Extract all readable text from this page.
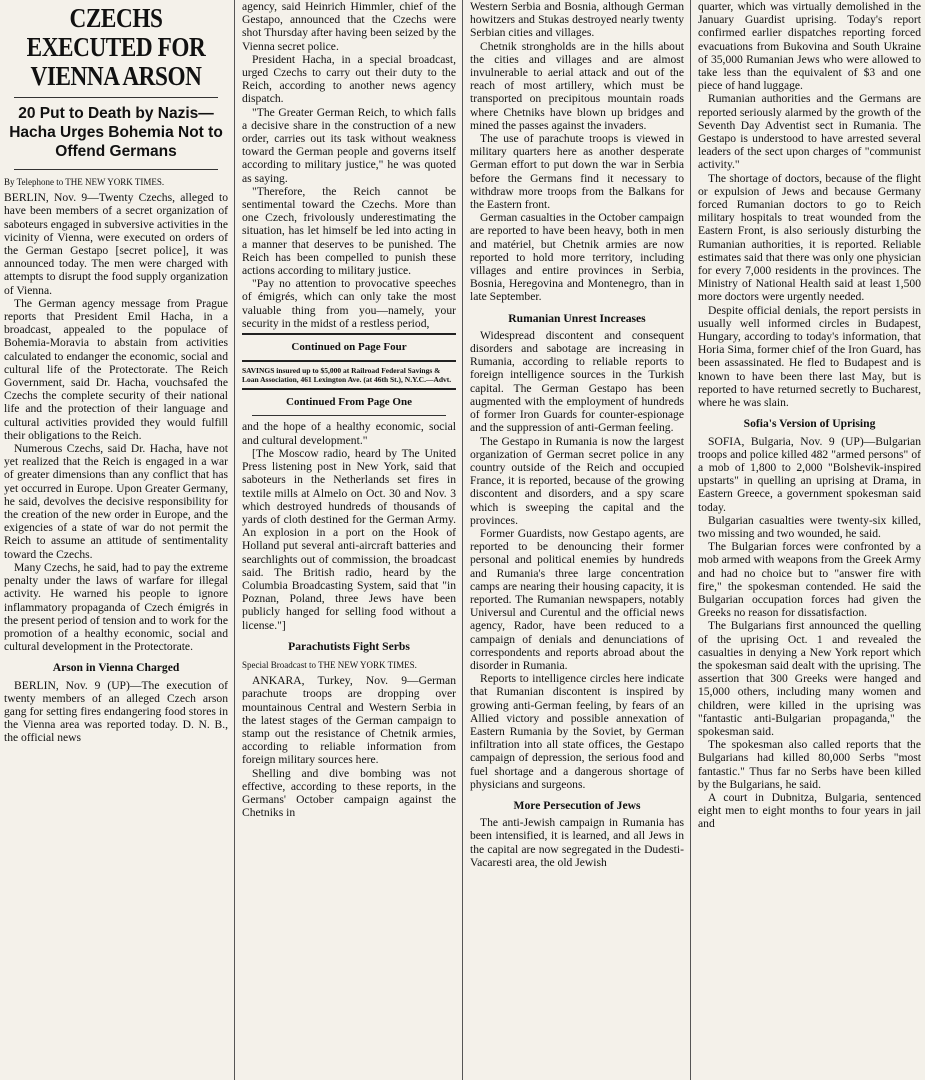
CZECHS EXECUTED FOR VIENNA ARSON
20 Put to Death by Nazis—Hacha Urges Bohemia Not to Offend Germans
By Telephone to THE NEW YORK TIMES.

BERLIN, Nov. 9—Twenty Czechs, alleged to have been members of a secret organization of saboteurs engaged in subversive activities in the vicinity of Vienna, were executed on orders of the German Gestapo [secret police], it was announced today. The men were charged with attempts to disrupt the food supply organization of Vienna.

The German agency message from Prague reports that President Emil Hacha, in a broadcast, appealed to the populace of Bohemia-Moravia to abstain from activities calculated to endanger the economic, social and cultural life of the Protectorate. The Reich Government, said Dr. Hacha, vouchsafed the Czechs the complete security of their national life and the protection of their language and cultural activities provided they would fulfill their obligations to the Reich.

Numerous Czechs, said Dr. Hacha, have not yet realized that the Reich is engaged in a war of greater dimensions than any conflict that has yet occurred in Europe. Upon Greater Germany, he said, devolves the decisive responsibility for the creation of the new order in Europe, and the exigencies of a state of war do not permit the Reich to assume an attitude of sentimentality toward the Czechs.

Many Czechs, he said, had to pay the extreme penalty under the laws of warfare for illegal activity. He warned his people to ignore inflammatory propaganda of Czech émigrés in the present period of tension and to work for the promotion of a healthy economic, social and cultural development in the Protectorate.

Arson in Vienna Charged

BERLIN, Nov. 9 (UP)—The execution of twenty members of an alleged Czech arson gang for setting fires endangering food stores in the Vienna area was reported today. D. N. B., the official news

agency, said Heinrich Himmler, chief of the Gestapo, announced that the Czechs were shot Thursday after having been seized by the Vienna secret police.

President Hacha, in a special broadcast, urged Czechs to carry out their duty to the Reich, according to another news agency dispatch.

"The Greater German Reich, to which falls a decisive share in the construction of a new order, carries out its task without weakness toward the German people and governs itself according to military justice," he was quoted as saying.

"Therefore, the Reich cannot be sentimental toward the Czechs. More than one Czech, frivolously underestimating the situation, has let himself be led into acting in a manner that deserves to be punished. The Reich has been compelled to punish these actions according to military justice.

"Pay no attention to provocative speeches of émigrés, which can only take the most valuable thing from you—namely, your security in the midst of a restless period,

Continued on Page Four
SAVINGS insured up to $5,000 at Railroad Federal Savings & Loan Association, 461 Lexington Ave. (at 46th St.), N.Y.C.—Advt.
Continued From Page One

and the hope of a healthy economic, social and cultural development."

[The Moscow radio, heard by The United Press listening post in New York, said that saboteurs in the Netherlands set fires in textile mills at Almelo on Oct. 30 and Nov. 3 which destroyed hundreds of thousands of yards of cloth destined for the German Army. An explosion in a port on the Hook of Holland put several anti-aircraft batteries and searchlights out of commission, the broadcast said. The British radio, heard by the Columbia Broadcasting System, said that "in Poznan, Poland, three Jews have been publicly hanged for selling food without a license."]

Parachutists Fight Serbs
Special Broadcast to THE NEW YORK TIMES.

ANKARA, Turkey, Nov. 9—German parachute troops are dropping over mountainous Central and Western Serbia in the latest stages of the German campaign to stamp out the resistance of Chetnik armies, according to reliable information from foreign military sources here.

Shelling and dive bombing was not effective, according to these reports, in the Germans' October campaign against the Chetniks in

Western Serbia and Bosnia, although German howitzers and Stukas destroyed nearly twenty Serbian cities and villages.

Chetnik strongholds are in the hills about the cities and villages and are almost invulnerable to aerial attack and out of the reach of most artillery, which must be transported on precipitous mountain roads where Chetniks have blown up bridges and mined the passes against the invaders.

The use of parachute troops is viewed in military quarters here as another desperate German effort to put down the war in Serbia before the Germans find it necessary to withdraw more troops from the Balkans for the Eastern front.

German casualties in the October campaign are reported to have been heavy, both in men and matériel, but Chetnik armies are now reported to hold more territory, including villages and entire provinces in Serbia, Bosnia, Heregovina and Montenegro, than in late September.

Rumanian Unrest Increases

Widespread discontent and consequent disorders and sabotage are increasing in Rumania, according to reliable reports to foreign intelligence sources in the Turkish capital. The German Gestapo has been augmented with the employment of hundreds of former Iron Guards for counter-espionage and the suppression of anti-German feeling.

The Gestapo in Rumania is now the largest organization of German secret police in any country outside of the Reich and occupied France, it is reported, because of the growing discontent and disorders, and a spy scare which is sweeping the capital and the provinces.

Former Guardists, now Gestapo agents, are reported to be denouncing their former personal and political enemies by hundreds and Rumania's three large concentration camps are nearing their housing capacity, it is reported. The Rumanian newspapers, notably Universul and Curentul and the official news agency, Rador, have been reduced to a campaign of denials and denunciations of correspondents and reports abroad about the disorder in Rumania.

Reports to intelligence circles here indicate that Rumanian discontent is inspired by growing anti-German feeling, by fears of an Allied victory and possible annexation of Eastern Rumania by the Soviet, by German infiltration into all state offices, the Gestapo campaign of depression, the serious food and fuel shortage and a dangerous shortage of physicians and surgeons.

More Persecution of Jews

The anti-Jewish campaign in Rumania has been intensified, it is learned, and all Jews in the capital are now segregated in the Dudesti-Vacaresti area, the old Jewish

quarter, which was virtually demolished in the January Guardist uprising. Today's report confirmed earlier dispatches reporting forced evacuations from Bukovina and South Ukraine of 35,000 Rumanian Jews who were allowed to take less than the equivalent of $3 and one piece of hand luggage.

Rumanian authorities and the Germans are reported seriously alarmed by the growth of the Seventh Day Adventist sect in Rumania. The Gestapo is understood to have arrested several leaders of the sect upon charges of "communist activity."

The shortage of doctors, because of the flight or expulsion of Jews and because Germany forced Rumanian doctors to go to Reich military hospitals to treat wounded from the Eastern Front, is also seriously disturbing the Rumanian authorities, it is reported. Reliable estimates said that there was only one physician for every 7,000 residents in the provinces. The Ministry of National Health said at least 1,500 more doctors were urgently needed.

Despite official denials, the report persists in usually well informed circles in Budapest, Hungary, according to today's information, that Horia Sima, former chief of the Iron Guard, has been assassinated. He fled to Budapest and is known to have been there last May, but is reported to have returned secretly to Bucharest, where he was slain.

Sofia's Version of Uprising

SOFIA, Bulgaria, Nov. 9 (UP)—Bulgarian troops and police killed 482 "armed persons" of a mob of 1,800 to 2,000 "Bolshevik-inspired upstarts" in quelling an uprising at Drama, in Eastern Greece, a government spokesman said today.

Bulgarian casualties were twenty-six killed, two missing and two wounded, he said.

The Bulgarian forces were confronted by a mob armed with weapons from the Greek Army and had no choice but to "answer fire with fire," the spokesman contended. He said the Bulgarian occupation forces had given the Greeks no reason for dissatisfaction.

The Bulgarians first announced the quelling of the uprising Oct. 1 and revealed the casualties in denying a New York report which the spokesman said dealt with the uprising. The assertion that 300 Greeks were hanged and 15,000 others, including many women and children, were killed in the uprising was "fantastic anti-Bulgarian propaganda," the spokesman said.

The spokesman also called reports that the Bulgarians had killed 80,000 Serbs "most fantastic." Thus far no Serbs have been killed by the Bulgarians, he said.

A court in Dubnitza, Bulgaria, sentenced eight men to eight months to four years in jail and
